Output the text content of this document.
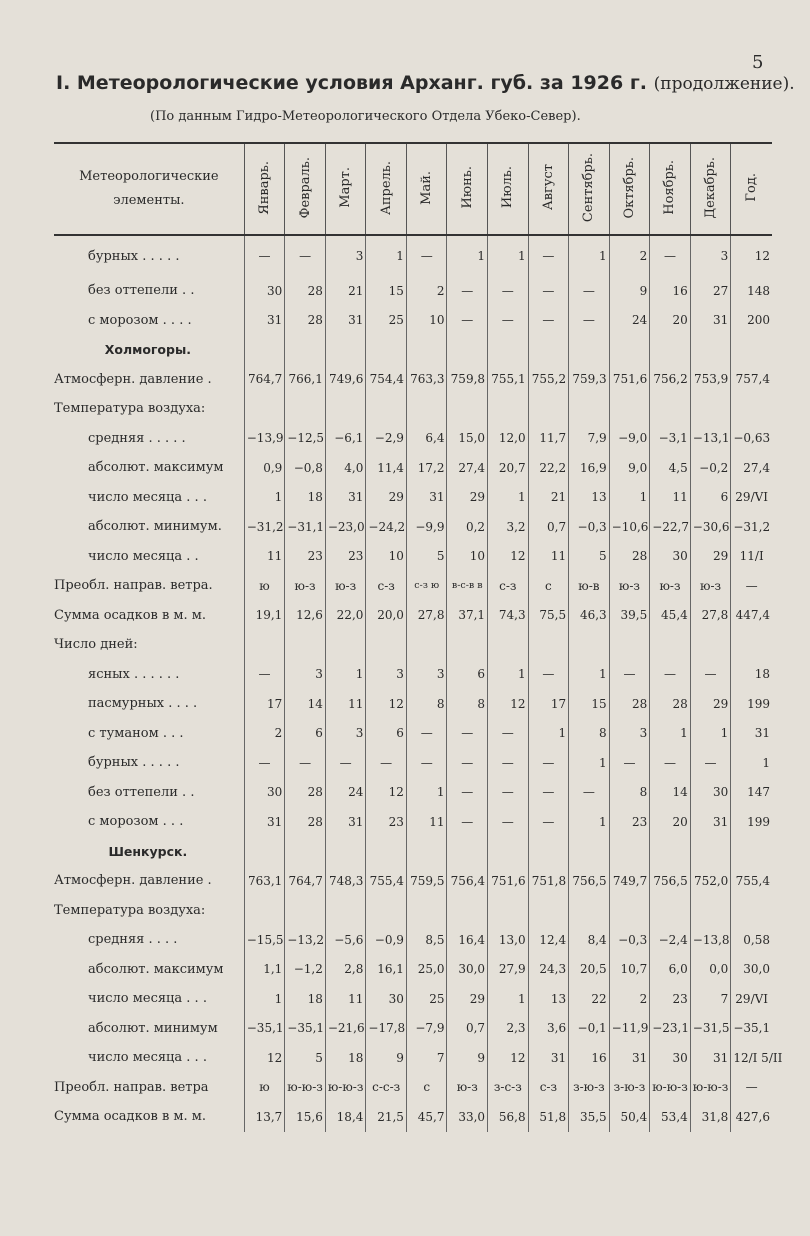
5
I. Метеорологические условия Арханг. губ. за 1926 г. (продолжение).
(По данным Гидро-Метеорологического Отдела Убеко-Север).
Метеорологические элементы.	Январь.	Февраль.	Март.	Апрель.	Май.	Июнь.	Июль.	Август	Сентябрь.	Октябрь.	Ноябрь.	Декабрь.	Год.
бурных . . . . .	—	—	3	1	—	1	1	—	1	2	—	3	12
без оттепели . .	30	28	21	15	2	—	—	—	—	9	16	27	148
с морозом . . . .	31	28	31	25	10	—	—	—	—	24	20	31	200
Холмогоры.													
Атмосферн. давление .	764,7	766,1	749,6	754,4	763,3	759,8	755,1	755,2	759,3	751,6	756,2	753,9	757,4
Температура воздуха:													
средняя . . . . .	−13,9	−12,5	−6,1	−2,9	6,4	15,0	12,0	11,7	7,9	−9,0	−3,1	−13,1	−0,63
абсолют. максимум	0,9	−0,8	4,0	11,4	17,2	27,4	20,7	22,2	16,9	9,0	4,5	−0,2	27,4
число месяца . . .	1	18	31	29	31	29	1	21	13	1	11	6	29/VI
абсолют. минимум.	−31,2	−31,1	−23,0	−24,2	−9,9	0,2	3,2	0,7	−0,3	−10,6	−22,7	−30,6	−31,2
число месяца . .	11	23	23	10	5	10	12	11	5	28	30	29	11/I
Преобл. направ. ветра.	ю	ю-з	ю-з	с-з	с-з ю	в-с-в в	с-з	с	ю-в	ю-з	ю-з	ю-з	—
Сумма осадков в м. м.	19,1	12,6	22,0	20,0	27,8	37,1	74,3	75,5	46,3	39,5	45,4	27,8	447,4
Число дней:													
ясных . . . . . .	—	3	1	3	3	6	1	—	1	—	—	—	18
пасмурных . . . .	17	14	11	12	8	8	12	17	15	28	28	29	199
с туманом . . .	2	6	3	6	—	—	—	1	8	3	1	1	31
бурных . . . . .	—	—	—	—	—	—	—	—	1	—	—	—	1
без оттепели . .	30	28	24	12	1	—	—	—	—	8	14	30	147
с морозом . . .	31	28	31	23	11	—	—	—	1	23	20	31	199
Шенкурск.													
Атмосферн. давление .	763,1	764,7	748,3	755,4	759,5	756,4	751,6	751,8	756,5	749,7	756,5	752,0	755,4
Температура воздуха:													
средняя . . . .	−15,5	−13,2	−5,6	−0,9	8,5	16,4	13,0	12,4	8,4	−0,3	−2,4	−13,8	0,58
абсолют. максимум	1,1	−1,2	2,8	16,1	25,0	30,0	27,9	24,3	20,5	10,7	6,0	0,0	30,0
число месяца . . .	1	18	11	30	25	29	1	13	22	2	23	7	29/VI
абсолют. минимум	−35,1	−35,1	−21,6	−17,8	−7,9	0,7	2,3	3,6	−0,1	−11,9	−23,1	−31,5	−35,1
число месяца . . .	12	5	18	9	7	9	12	31	16	31	30	31	12/I 5/II
Преобл. направ. ветра	ю	ю-ю-з	ю-ю-з	с-с-з	с	ю-з	з-с-з	с-з	з-ю-з	з-ю-з	ю-ю-з	ю-ю-з	—
Сумма осадков в м. м.	13,7	15,6	18,4	21,5	45,7	33,0	56,8	51,8	35,5	50,4	53,4	31,8	427,6
